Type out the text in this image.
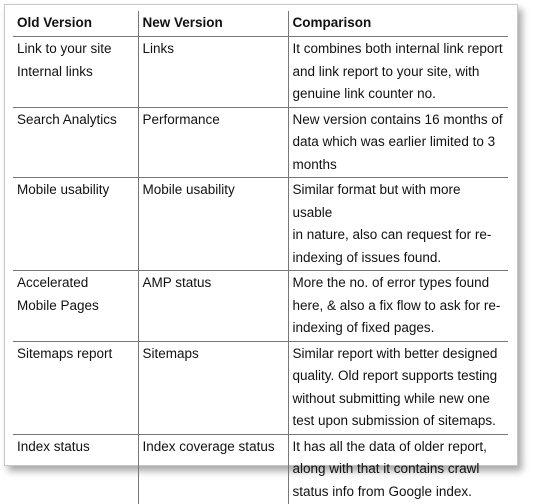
Old Version	New Version	Comparison

Link to your site
Internal links	Links	It combines both internal link report
and link report to your site, with
genuine link counter no.

Search Analytics	Performance	New version contains 16 months of
data which was earlier limited to 3
months

Mobile usability	Mobile usability	Similar format but with more usable
in nature, also can request for re-
indexing of issues found.

Accelerated
Mobile Pages	AMP status	More the no. of error types found
here, & also a fix flow to ask for re-
indexing of fixed pages.

Sitemaps report	Sitemaps	Similar report with better designed
quality. Old report supports testing
without submitting while new one
test upon submission of sitemaps.

Index status	Index coverage status	It has all the data of older report,
along with that it contains crawl
status info from Google index.
